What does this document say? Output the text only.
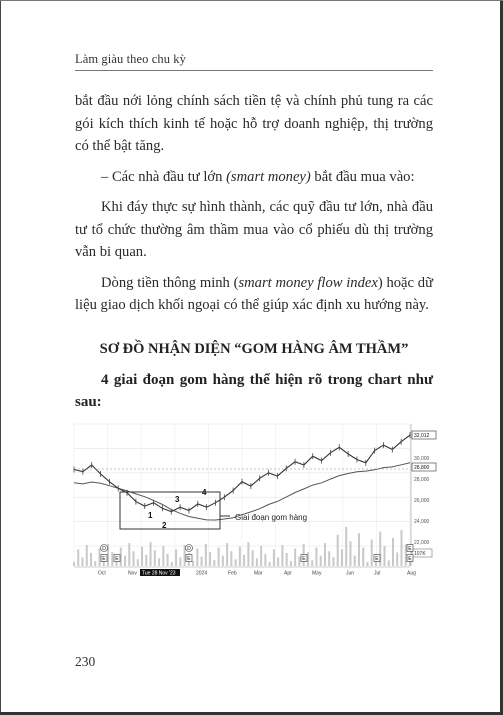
Làm giàu theo chu kỳ

bắt đầu nới lỏng chính sách tiền tệ và chính phủ tung ra các gói kích thích kinh tế hoặc hỗ trợ doanh nghiệp, thị trường có thể bật tăng.

– Các nhà đầu tư lớn (smart money) bắt đầu mua vào:

Khi đáy thực sự hình thành, các quỹ đầu tư lớn, nhà đầu tư tổ chức thường âm thầm mua vào cổ phiếu dù thị trường vẫn bi quan.

Dòng tiền thông minh (smart money flow index) hoặc dữ liệu giao dịch khối ngoại có thể giúp xác định xu hướng này.

SƠ ĐỒ NHẬN DIỆN “GOM HÀNG ÂM THẦM”
4 giai đoạn gom hàng thể hiện rõ trong chart như sau:
Giai đoạn gom hàng
1
2
3
4
30,000
28,000
26,000
24,000
22,000
32,012
28,800
107K
Oct	Nov Tue 28 Nov '23	2024	Feb	Mar	Apr	May	Jun	Jul	Aug
D
E E
D
E	E	E
E
E
230
